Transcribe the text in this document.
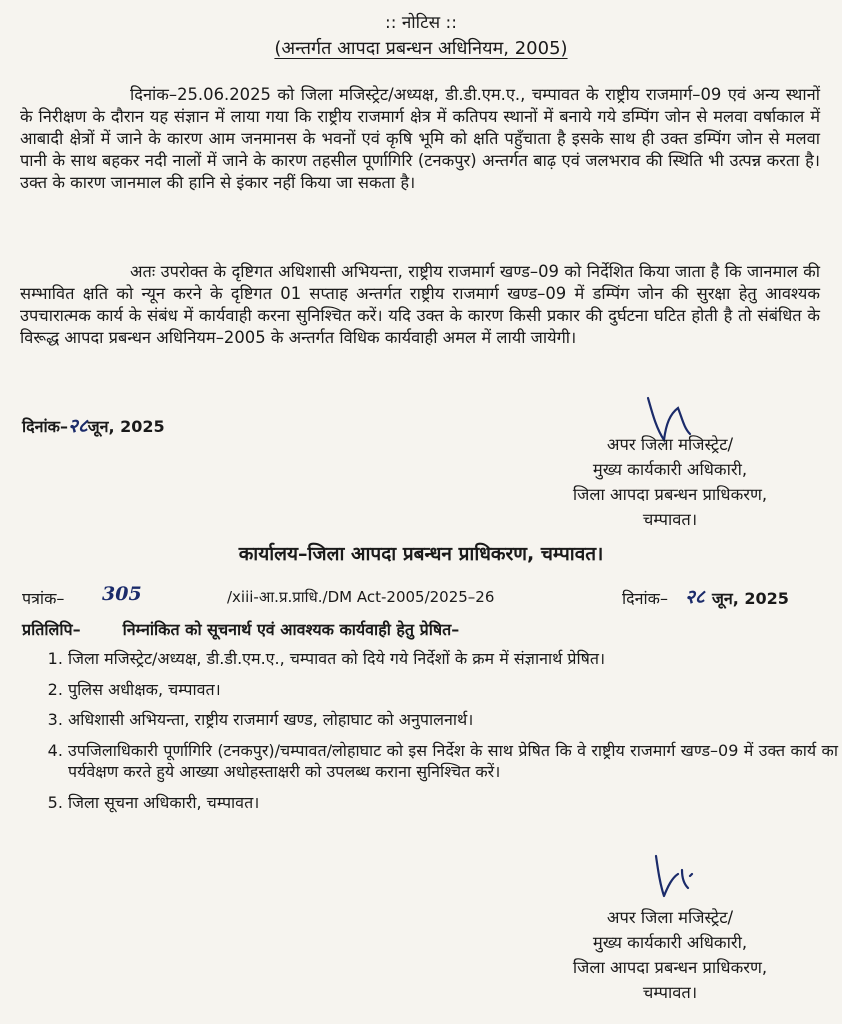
:: नोटिस ::
(अन्तर्गत आपदा प्रबन्धन अधिनियम, 2005)

दिनांक–25.06.2025 को जिला मजिस्ट्रेट/अध्यक्ष, डी.डी.एम.ए., चम्पावत के राष्ट्रीय राजमार्ग–09 एवं अन्य स्थानों के निरीक्षण के दौरान यह संज्ञान में लाया गया कि राष्ट्रीय राजमार्ग क्षेत्र में कतिपय स्थानों में बनाये गये डम्पिंग जोन से मलवा वर्षाकाल में आबादी क्षेत्रों में जाने के कारण आम जनमानस के भवनों एवं कृषि भूमि को क्षति पहुँचाता है इसके साथ ही उक्त डम्पिंग जोन से मलवा पानी के साथ बहकर नदी नालों में जाने के कारण तहसील पूर्णागिरि (टनकपुर) अन्तर्गत बाढ़ एवं जलभराव की स्थिति भी उत्पन्न करता है। उक्त के कारण जानमाल की हानि से इंकार नहीं किया जा सकता है।

अतः उपरोक्त के दृष्टिगत अधिशासी अभियन्ता, राष्ट्रीय राजमार्ग खण्ड–09 को निर्देशित किया जाता है कि जानमाल की सम्भावित क्षति को न्यून करने के दृष्टिगत 01 सप्ताह अन्तर्गत राष्ट्रीय राजमार्ग खण्ड–09 में डम्पिंग जोन की सुरक्षा हेतु आवश्यक उपचारात्मक कार्य के संबंध में कार्यवाही करना सुनिश्चित करें। यदि उक्त के कारण किसी प्रकार की दुर्घटना घटित होती है तो संबंधित के विरूद्ध आपदा प्रबन्धन अधिनियम–2005 के अन्तर्गत विधिक कार्यवाही अमल में लायी जायेगी।

दिनांक–२८जून, 2025
अपर जिला मजिस्ट्रेट/
मुख्य कार्यकारी अधिकारी,
जिला आपदा प्रबन्धन प्राधिकरण,
चम्पावत।
कार्यालय–जिला आपदा प्रबन्धन प्राधिकरण, चम्पावत।
पत्रांक– 305	/xiii-आ.प्र.प्राधि./DM Act-2005/2025–26	दिनांक– २८ जून, 2025
प्रतिलिपि–	निम्नांकित को सूचनार्थ एवं आवश्यक कार्यवाही हेतु प्रेषित–
1. जिला मजिस्ट्रेट/अध्यक्ष, डी.डी.एम.ए., चम्पावत को दिये गये निर्देशों के क्रम में संज्ञानार्थ प्रेषित।
2. पुलिस अधीक्षक, चम्पावत।
3. अधिशासी अभियन्ता, राष्ट्रीय राजमार्ग खण्ड, लोहाघाट को अनुपालनार्थ।
4. उपजिलाधिकारी पूर्णागिरि (टनकपुर)/चम्पावत/लोहाघाट को इस निर्देश के साथ प्रेषित कि वे राष्ट्रीय राजमार्ग खण्ड–09 में उक्त कार्य का पर्यवेक्षण करते हुये आख्या अधोहस्ताक्षरी को उपलब्ध कराना सुनिश्चित करें।
5. जिला सूचना अधिकारी, चम्पावत।
अपर जिला मजिस्ट्रेट/
मुख्य कार्यकारी अधिकारी,
जिला आपदा प्रबन्धन प्राधिकरण,
चम्पावत।
